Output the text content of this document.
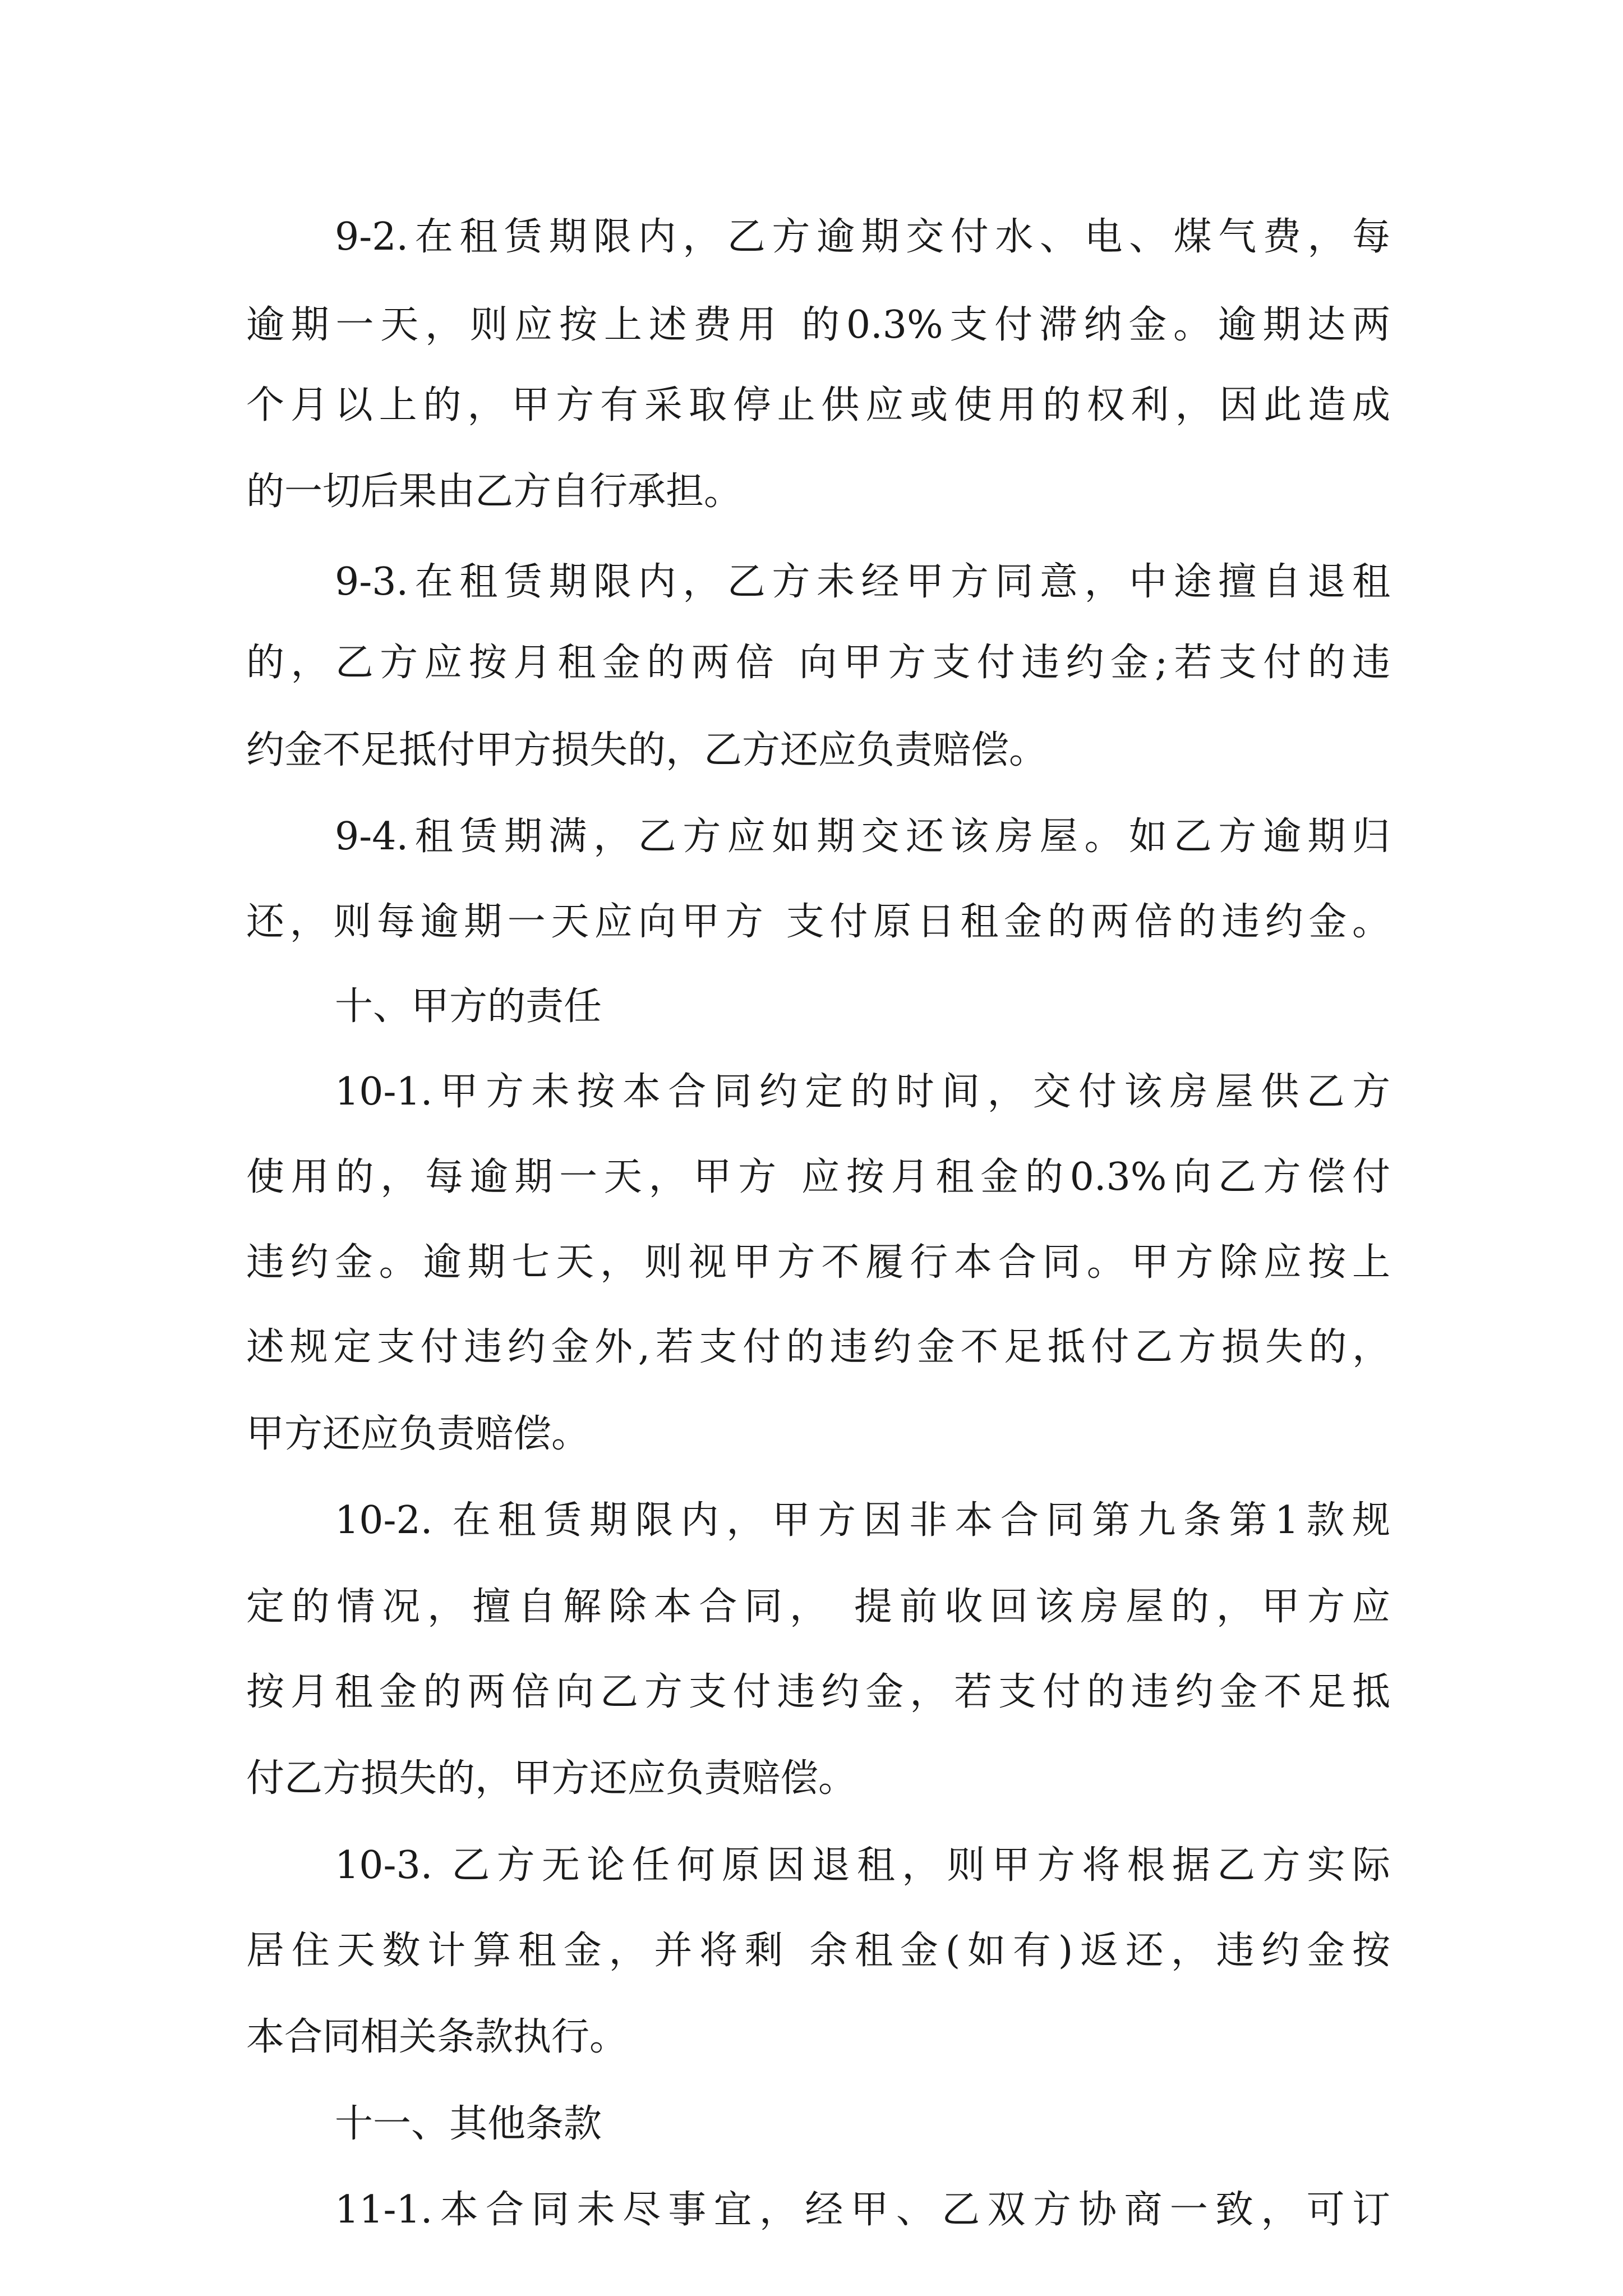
9-2.在租赁期限内，乙方逾期交付水、电、煤气费，每
逾期一天，则应按上述费用 的0.3%支付滞纳金。逾期达两
个月以上的，甲方有采取停止供应或使用的权利，因此造成
的一切后果由乙方自行承担。
9-3.在租赁期限内，乙方未经甲方同意，中途擅自退租
的，乙方应按月租金的两倍 向甲方支付违约金;若支付的违
约金不足抵付甲方损失的，乙方还应负责赔偿。
9-4.租赁期满，乙方应如期交还该房屋。如乙方逾期归
还，则每逾期一天应向甲方 支付原日租金的两倍的违约金。
十、甲方的责任
10-1.甲方未按本合同约定的时间，交付该房屋供乙方
使用的，每逾期一天，甲方 应按月租金的0.3%向乙方偿付
违约金。逾期七天，则视甲方不履行本合同。甲方除应按上
述规定支付违约金外,若支付的违约金不足抵付乙方损失的，
甲方还应负责赔偿。
10-2. 在租赁期限内，甲方因非本合同第九条第1款规
定的情况，擅自解除本合同， 提前收回该房屋的，甲方应
按月租金的两倍向乙方支付违约金，若支付的违约金不足抵
付乙方损失的，甲方还应负责赔偿。
10-3. 乙方无论任何原因退租，则甲方将根据乙方实际
居住天数计算租金，并将剩 余租金(如有)返还，违约金按
本合同相关条款执行。
十一、其他条款
11-1.本合同未尽事宜，经甲、乙双方协商一致，可订
